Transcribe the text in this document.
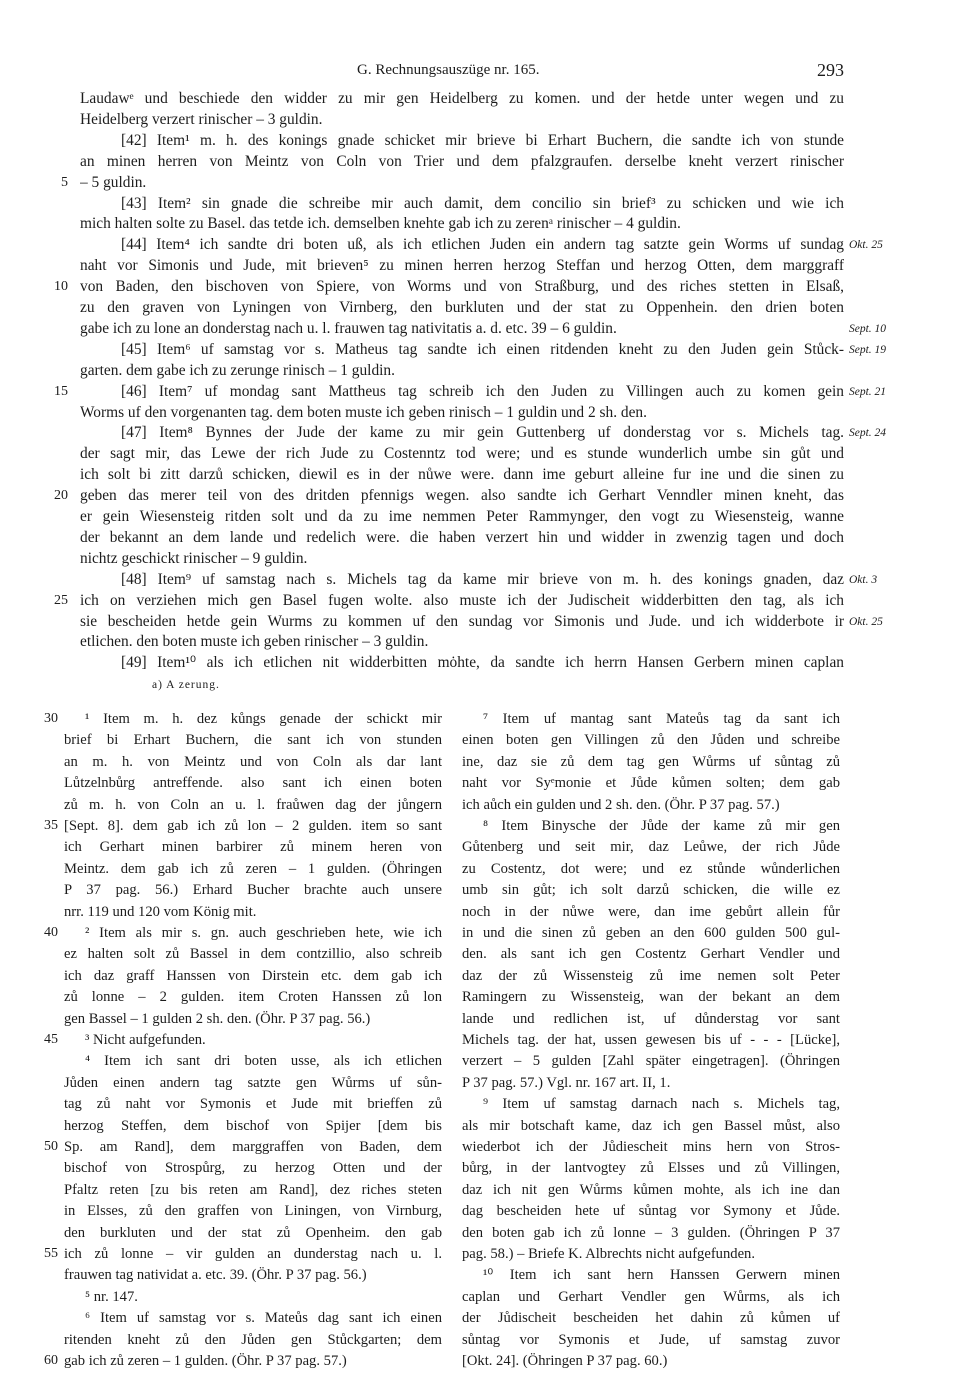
G. Rechnungsauszüge nr. 165.	293
Laudawᵉ und beschiede den widder zu mir gen Heidelberg zu komen. und der hetde unter wegen und zu
Heidelberg verzert rinischer – 3 guldin.
[42] Item¹ m. h. des konings gnade schicket mir brieve bi Erhart Buchern, die sandte ich von stunde
an minen herren von Meintz von Coln von Trier und dem pfalzgraufen. derselbe kneht verzert rinischer
– 5 guldin.
5
[43] Item² sin gnade die schreibe mir auch damit, dem concilio sin brief³ zu schicken und wie ich
mich halten solte zu Basel. das tetde ich. demselben knehte gab ich zu zerenᵃ rinischer – 4 guldin.
[44] Item⁴ ich sandte dri boten uß, als ich etlichen Juden ein andern tag satzte gein Worms uf sundag
naht vor Simonis und Jude, mit brieven⁵ zu minen herren herzog Steffan und herzog Otten, dem marggraff
von Baden, den bischoven von Spiere, von Worms und von Straßburg, und des riches stetten in Elsaß,
10
zu den graven von Lyningen von Virnberg, den burkluten und der stat zu Oppenhein. den drien boten
gabe ich zu lone an donderstag nach u. l. frauwen tag nativitatis a. d. etc. 39 – 6 guldin.
[45] Item⁶ uf samstag vor s. Matheus tag sandte ich einen ritdenden kneht zu den Juden gein Stůck-
garten. dem gabe ich zu zerunge rinisch – 1 guldin.
[46] Item⁷ uf mondag sant Mattheus tag schreib ich den Juden zu Villingen auch zu komen gein
15
Worms uf den vorgenanten tag. dem boten muste ich geben rinisch – 1 guldin und 2 sh. den.
[47] Item⁸ Bynnes der Jude der kame zu mir gein Guttenberg uf donderstag vor s. Michels tag.
der sagt mir, das Lewe der rich Jude zu Costenntz tod were; und es stunde wunderlich umbe sin gůt und
ich solt bi zitt darzů schicken, diewil es in der nůwe were. dann ime geburt alleine fur ine und die sinen zu
geben das merer teil von des dritden pfennigs wegen. also sandte ich Gerhart Venndler minen kneht, das
20
er gein Wiesensteig ritden solt und da zu ime nemmen Peter Rammynger, den vogt zu Wiesensteig, wanne
der bekannt an dem lande und redelich were. die haben verzert hin und widder in zwenzig tagen und doch
nichtz geschickt rinischer – 9 guldin.
[48] Item⁹ uf samstag nach s. Michels tag da kame mir brieve von m. h. des konings gnaden, daz
ich on verziehen mich gen Basel fugen wolte. also muste ich der Judischeit widderbitten den tag, als ich
25
sie bescheiden hetde gein Wurms zu kommen uf den sundag vor Simonis und Jude. und ich widderbote ir
etlichen. den boten muste ich geben rinischer – 3 guldin.
[49] Item¹⁰ als ich etlichen nit widderbitten mȯhte, da sandte ich herrn Hansen Gerbern minen caplan
Okt. 25
Sept. 10
Sept. 19
Sept. 21
Sept. 24
Okt. 3
Okt. 25
a) A zerung.
¹ Item m. h. dez kůngs genade der schickt mir
30
brief bi Erhart Buchern, die sant ich von stunden
an m. h. von Meintz und von Coln als dar lant
Lůtzelnbůrg antreffende. also sant ich einen boten
zů m. h. von Coln an u. l. fraůwen dag der jůngern
[Sept. 8]. dem gab ich zů lon – 2 gulden. item so sant
35
ich Gerhart minen barbirer zů minem heren von
Meintz. dem gab ich zů zeren – 1 gulden. (Öhringen
P 37 pag. 56.) Erhard Bucher brachte auch unsere
nrr. 119 und 120 vom König mit.
² Item als mir s. gn. auch geschrieben hete, wie ich
40
ez halten solt zů Bassel in dem contzillio, also schreib
ich daz graff Hanssen von Dirstein etc. dem gab ich
zů lonne – 2 gulden. item Croten Hanssen zů lon
gen Bassel – 1 gulden 2 sh. den. (Öhr. P 37 pag. 56.)
³ Nicht aufgefunden.
45
⁴ Item ich sant dri boten usse, als ich etlichen
Jůden einen andern tag satzte gen Wůrms uf sůn-
tag zů naht vor Symonis et Jude mit brieffen zů
herzog Steffen, dem bischof von Spijer [dem bis
Sp. am Rand], dem marggraffen von Baden, dem
50
bischof von Strospůrg, zu herzog Otten und der
Pfaltz reten [zu bis reten am Rand], dez riches steten
in Elsses, zů den graffen von Liningen, von Virnburg,
den burkluten und der stat zů Openheim. den gab
ich zů lonne – vir gulden an dunderstag nach u. l.
55
frauwen tag natividat a. etc. 39. (Öhr. P 37 pag. 56.)
⁵ nr. 147.
⁶ Item uf samstag vor s. Mateůs dag sant ich einen
ritenden kneht zů den Jůden gen Stůckgarten; dem
gab ich zů zeren – 1 gulden. (Öhr. P 37 pag. 57.)
60
⁷ Item uf mantag sant Mateůs tag da sant ich
einen boten gen Villingen zů den Jůden und schreibe
ine, daz sie zů dem tag gen Wůrms uf sůntag zů
naht vor Syᵉmonie et Jůde kůmen solten; dem gab
ich aůch ein gulden und 2 sh. den. (Öhr. P 37 pag. 57.)
⁸ Item Binysche der Jůde der kame zů mir gen
Gůtenberg und seit mir, daz Leůwe, der rich Jůde
zu Costentz, dot were; und ez stůnde wůnderlichen
umb sin gůt; ich solt darzů schicken, die wille ez
noch in der nůwe were, dan ime gebůrt allein fůr
in und die sinen zů geben an den 600 gulden 500 gul-
den. als sant ich gen Costentz Gerhart Vendler und
daz der zů Wissensteig zů ime nemen solt Peter
Ramingern zu Wissensteig, wan der bekant an dem
lande und redlichen ist, uf důnderstag vor sant
Michels tag. der hat, ussen gewesen bis uf - - - [Lücke],
verzert – 5 gulden [Zahl später eingetragen]. (Öhringen
P 37 pag. 57.) Vgl. nr. 167 art. II, 1.
⁹ Item uf samstag darnach nach s. Michels tag,
als mir botschaft kame, daz ich gen Bassel můst, also
wiederbot ich der Jůdiescheit mins hern von Stros-
bůrg, in der lantvogtey zů Elsses und zů Villingen,
daz ich nit gen Wůrms kůmen mohte, als ich ine dan
dag bescheiden hete uf sůntag vor Symony et Jůde.
den boten gab ich zů lonne – 3 gulden. (Öhringen P 37
pag. 58.) – Briefe K. Albrechts nicht aufgefunden.
¹⁰ Item ich sant hern Hanssen Gerwern minen
caplan und Gerhart Vendler gen Wůrms, als ich
der Jůdischeit bescheiden het dahin zů kůmen uf
sůntag vor Symonis et Jude, uf samstag zuvor
[Okt. 24]. (Öhringen P 37 pag. 60.)
